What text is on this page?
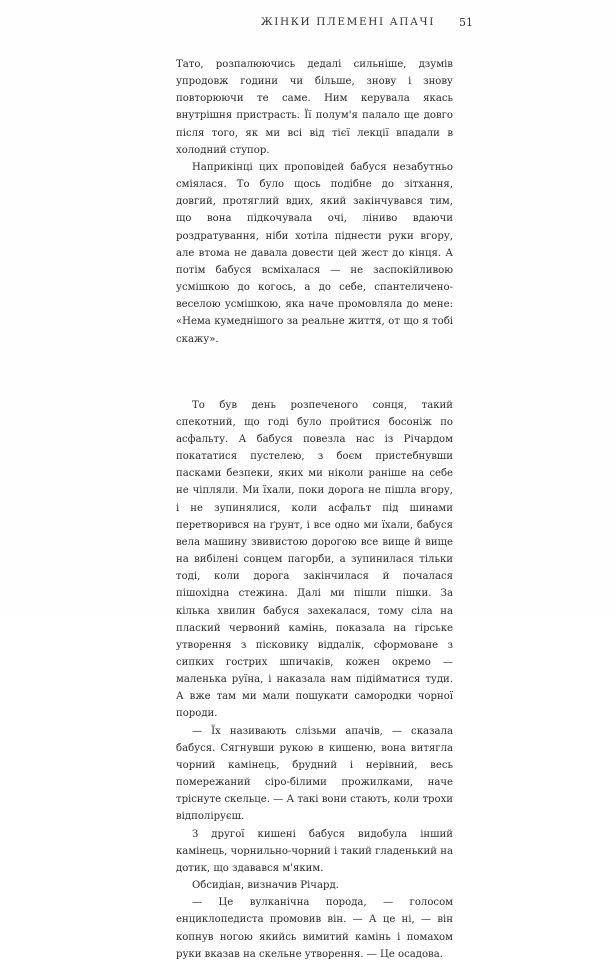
ЖІНКИ ПЛЕМЕНІ АПАЧІ 51

Тато, розпалюючись дедалі сильніше, дзумів упродовж години чи більше, знову і знову повторюючи те саме. Ним керувала якась внутрішня пристрасть. Її полум'я палало ще довго після того, як ми всі від тієї лекції впадали в холодний ступор.

Наприкінці цих проповідей бабуся незабутньо сміялася. То було щось подібне до зітхання, довгий, протяглий вдих, який закінчувався тим, що вона підкочувала очі, лінивo вдаючи роздратування, ніби хотіла піднести руки вгору, але втома не давала довести цей жест до кінця. А потім бабуся всміхалася — не заспокійливою усмішкою до когось, а до себе, спантеличено-веселою усмішкою, яка наче промовляла до мене: «Нема кумеднішого за реальне життя, от що я тобі скажу».

То був день розпеченого сонця, такий спекотний, що годі було пройтися босоніж по асфальту. А бабуся повезла нас із Річардом покататися пустелею, з боєм пристебнувши пасками безпеки, яких ми ніколи раніше на себе не чіпляли. Ми їхали, поки дорога не пішла вгору, і не зупинялися, коли асфальт під шинами перетворився на ґрунт, і все одно ми їхали, бабуся вела машину звивистою дорогою все вище й вище на вибілені сонцем пагорби, а зупинилася тільки тоді, коли дорога закінчилася й почалася пішохідна стежина. Далі ми пішли пішки. За кілька хвилин бабуся захекалася, тому сіла на плаский червоний камінь, показала на гірське утворення з пісковику віддалік, сформоване з сипких гострих шпичаків, кожен окремо — маленька руїна, і наказала нам підійматися туди. А вже там ми мали пошукати самородки чорної породи.

— Їх називають слізьми апачів, — сказала бабуся. Сягнувши рукою в кишеню, вона витягла чорний камінець, брудний і нерівний, весь помережаний сіро-білими прожилками, наче тріснуте скельце. — А такі вони стають, коли трохи відполіруєш.

З другої кишені бабуся видобула інший камінець, чорнильно-чорний і такий гладенький на дотик, що здавався м'яким.

Обсидіан, визначив Річард.

— Це вулканічна порода, — голосом енциклопедиста промовив він. — А це ні, — він копнув ногою якийсь вимитий камінь і помахом руки вказав на скельне утворення. — Це осадова.
